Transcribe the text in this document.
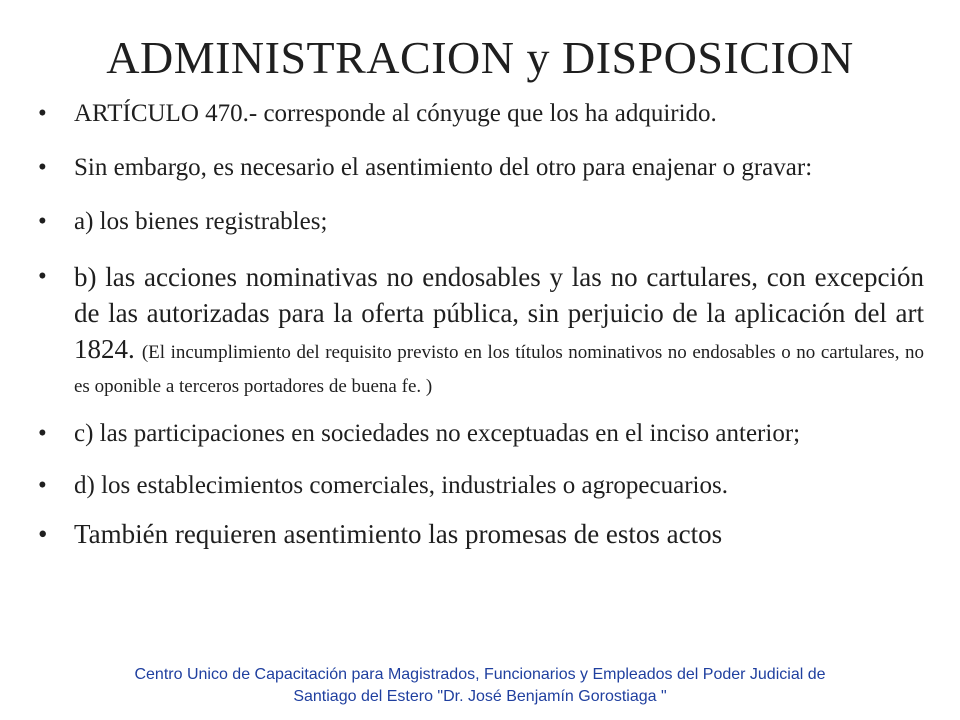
ADMINISTRACION y DISPOSICION
•	ARTÍCULO 470.- corresponde al cónyuge que los ha adquirido.
•	Sin embargo, es necesario el asentimiento del otro para enajenar o gravar:
•	a) los bienes registrables;
•	b) las acciones nominativas no endosables y las no cartulares, con excepción de las autorizadas para la oferta pública, sin perjuicio de la aplicación del art 1824. (El incumplimiento del requisito previsto en los títulos nominativos no endosables o no cartulares, no es oponible a terceros portadores de buena fe. )
•	c) las participaciones en sociedades no exceptuadas en el inciso anterior;
•	d) los establecimientos comerciales, industriales o agropecuarios.
• También requieren asentimiento las promesas de estos actos
Centro Unico de Capacitación para Magistrados, Funcionarios y Empleados del Poder Judicial de
Santiago del Estero "Dr. José Benjamín Gorostiaga "
